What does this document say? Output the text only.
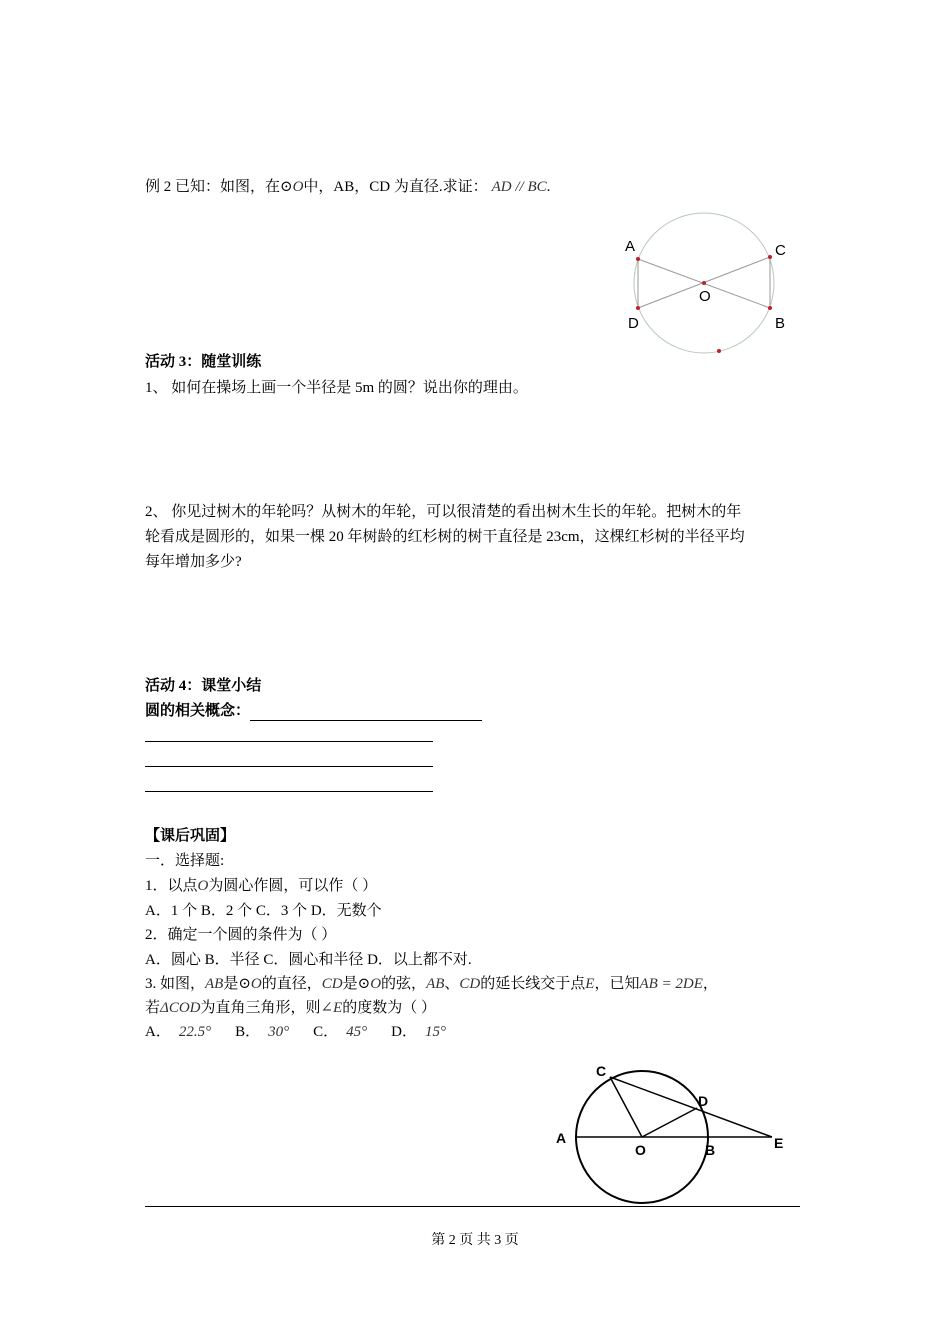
例 2 已知：如图，在⊙O中，AB，CD 为直径.求证： AD // BC.
A	C
O
D	B
活动 3：随堂训练
1、 如何在操场上画一个半径是 5m 的圆？说出你的理由。
2、 你见过树木的年轮吗？从树木的年轮，可以很清楚的看出树木生长的年轮。把树木的年
轮看成是圆形的，如果一棵 20 年树龄的红杉树的树干直径是 23cm，这棵红杉树的半径平均
每年增加多少?
活动 4：课堂小结
圆的相关概念：
【课后巩固】
一．选择题:
1．以点O为圆心作圆，可以作（ ）
A．1 个 B．2 个 C．3 个 D．无数个
2．确定一个圆的条件为（ ）
A．圆心 B．半径 C．圆心和半径 D．以上都不对.
3. 如图，AB是⊙O的直径，CD是⊙O的弦，AB、CD的延长线交于点E，已知AB = 2DE，
若ΔCOD为直角三角形，则∠E的度数为（ ）
A． 22.5° B． 30° C． 45° D． 15°
C
D
A
O	B	E
第 2 页 共 3 页
